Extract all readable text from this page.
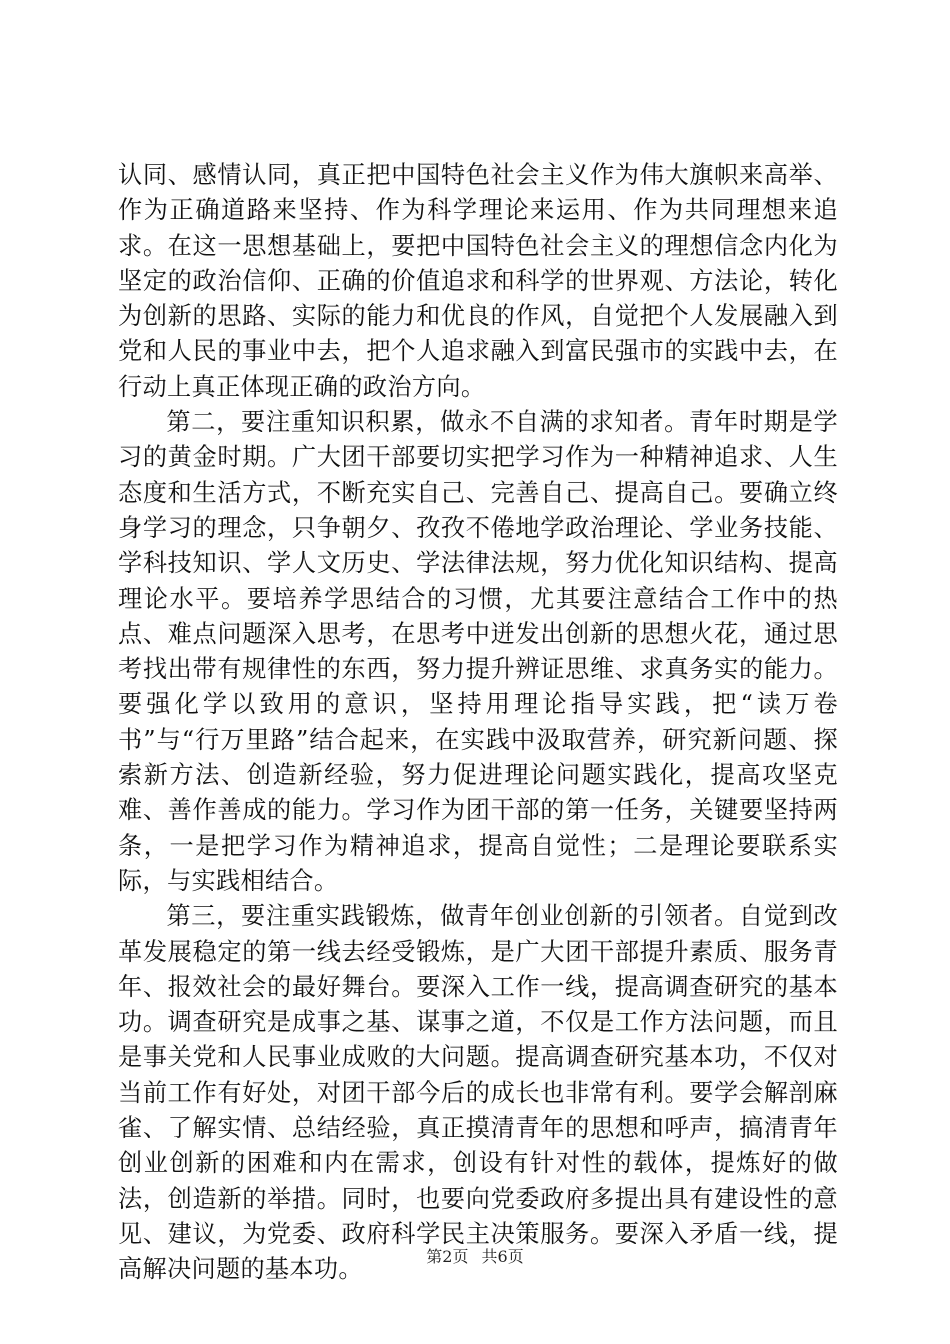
认同、感情认同，真正把中国特色社会主义作为伟大旗帜来高举、作为正确道路来坚持、作为科学理论来运用、作为共同理想来追求。在这一思想基础上，要把中国特色社会主义的理想信念内化为坚定的政治信仰、正确的价值追求和科学的世界观、方法论，转化为创新的思路、实际的能力和优良的作风，自觉把个人发展融入到党和人民的事业中去，把个人追求融入到富民强市的实践中去，在行动上真正体现正确的政治方向。

第二，要注重知识积累，做永不自满的求知者。青年时期是学习的黄金时期。广大团干部要切实把学习作为一种精神追求、人生态度和生活方式，不断充实自己、完善自己、提高自己。要确立终身学习的理念，只争朝夕、孜孜不倦地学政治理论、学业务技能、学科技知识、学人文历史、学法律法规，努力优化知识结构、提高理论水平。要培养学思结合的习惯，尤其要注意结合工作中的热点、难点问题深入思考，在思考中迸发出创新的思想火花，通过思考找出带有规律性的东西，努力提升辨证思维、求真务实的能力。要强化学以致用的意识，坚持用理论指导实践，把“读万卷书”与“行万里路”结合起来，在实践中汲取营养，研究新问题、探索新方法、创造新经验，努力促进理论问题实践化，提高攻坚克难、善作善成的能力。学习作为团干部的第一任务，关键要坚持两条，一是把学习作为精神追求，提高自觉性；二是理论要联系实际，与实践相结合。

第三，要注重实践锻炼，做青年创业创新的引领者。自觉到改革发展稳定的第一线去经受锻炼，是广大团干部提升素质、服务青年、报效社会的最好舞台。要深入工作一线，提高调查研究的基本功。调查研究是成事之基、谋事之道，不仅是工作方法问题，而且是事关党和人民事业成败的大问题。提高调查研究基本功，不仅对当前工作有好处，对团干部今后的成长也非常有利。要学会解剖麻雀、了解实情、总结经验，真正摸清青年的思想和呼声，搞清青年创业创新的困难和内在需求，创设有针对性的载体，提炼好的做法，创造新的举措。同时，也要向党委政府多提出具有建设性的意见、建议，为党委、政府科学民主决策服务。要深入矛盾一线，提高解决问题的基本功。	第2页 共6页
